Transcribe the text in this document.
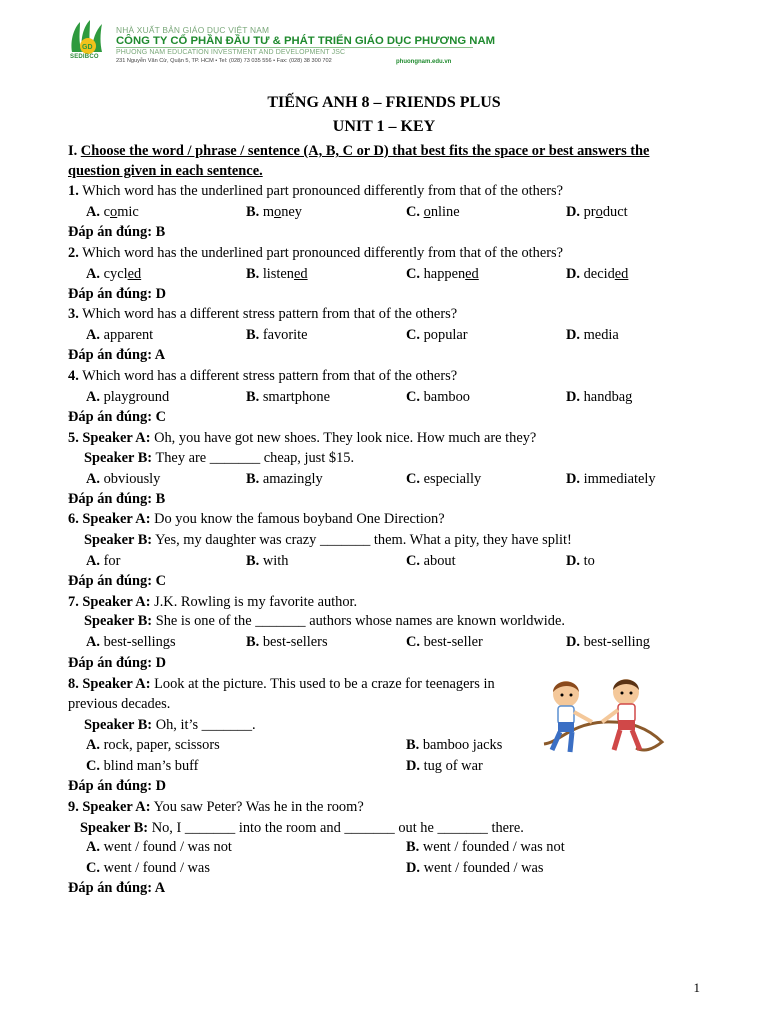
GD
SEDIBCO
NHÀ XUẤT BẢN GIÁO DỤC VIỆT NAM
CÔNG TY CỔ PHẦN ĐẦU TƯ & PHÁT TRIỂN GIÁO DỤC PHƯƠNG NAM
PHUONG NAM EDUCATION INVESTMENT AND DEVELOPMENT JSC
231 Nguyễn Văn Cừ, Quận 5, TP. HCM • Tel: (028) 73 035 556 • Fax: (028) 38 300 702	phuongnam.edu.vn
TIẾNG ANH 8 – FRIENDS PLUS
UNIT 1 – KEY
I. Choose the word / phrase / sentence (A, B, C or D) that best fits the space or best answers the
question given in each sentence.
1. Which word has the underlined part pronounced differently from that of the others?
A. comic	B. money	C. online	D. product
Đáp án đúng: B
2. Which word has the underlined part pronounced differently from that of the others?
A. cycled	B. listened	C. happened	D. decided
Đáp án đúng: D
3. Which word has a different stress pattern from that of the others?
A. apparent	B. favorite	C. popular	D. media
Đáp án đúng: A
4. Which word has a different stress pattern from that of the others?
A. playground	B. smartphone	C. bamboo	D. handbag
Đáp án đúng: C
5. Speaker A: Oh, you have got new shoes. They look nice. How much are they?
Speaker B: They are _______ cheap, just $15.
A. obviously	B. amazingly	C. especially	D. immediately
Đáp án đúng: B
6. Speaker A: Do you know the famous boyband One Direction?
Speaker B: Yes, my daughter was crazy _______ them. What a pity, they have split!
A. for	B. with	C. about	D. to
Đáp án đúng: C
7. Speaker A: J.K. Rowling is my favorite author.
Speaker B: She is one of the _______ authors whose names are known worldwide.
A. best-sellings	B. best-sellers	C. best-seller	D. best-selling
Đáp án đúng: D
8. Speaker A: Look at the picture. This used to be a craze for teenagers in
previous decades.
Speaker B: Oh, it’s _______.
A. rock, paper, scissors	B. bamboo jacks
C. blind man’s buff	D. tug of war
Đáp án đúng: D
9. Speaker A: You saw Peter? Was he in the room?
Speaker B: No, I _______ into the room and _______ out he _______ there.
A. went / found / was not	B. went / founded / was not
C. went / found / was	D. went / founded / was
Đáp án đúng: A
1
